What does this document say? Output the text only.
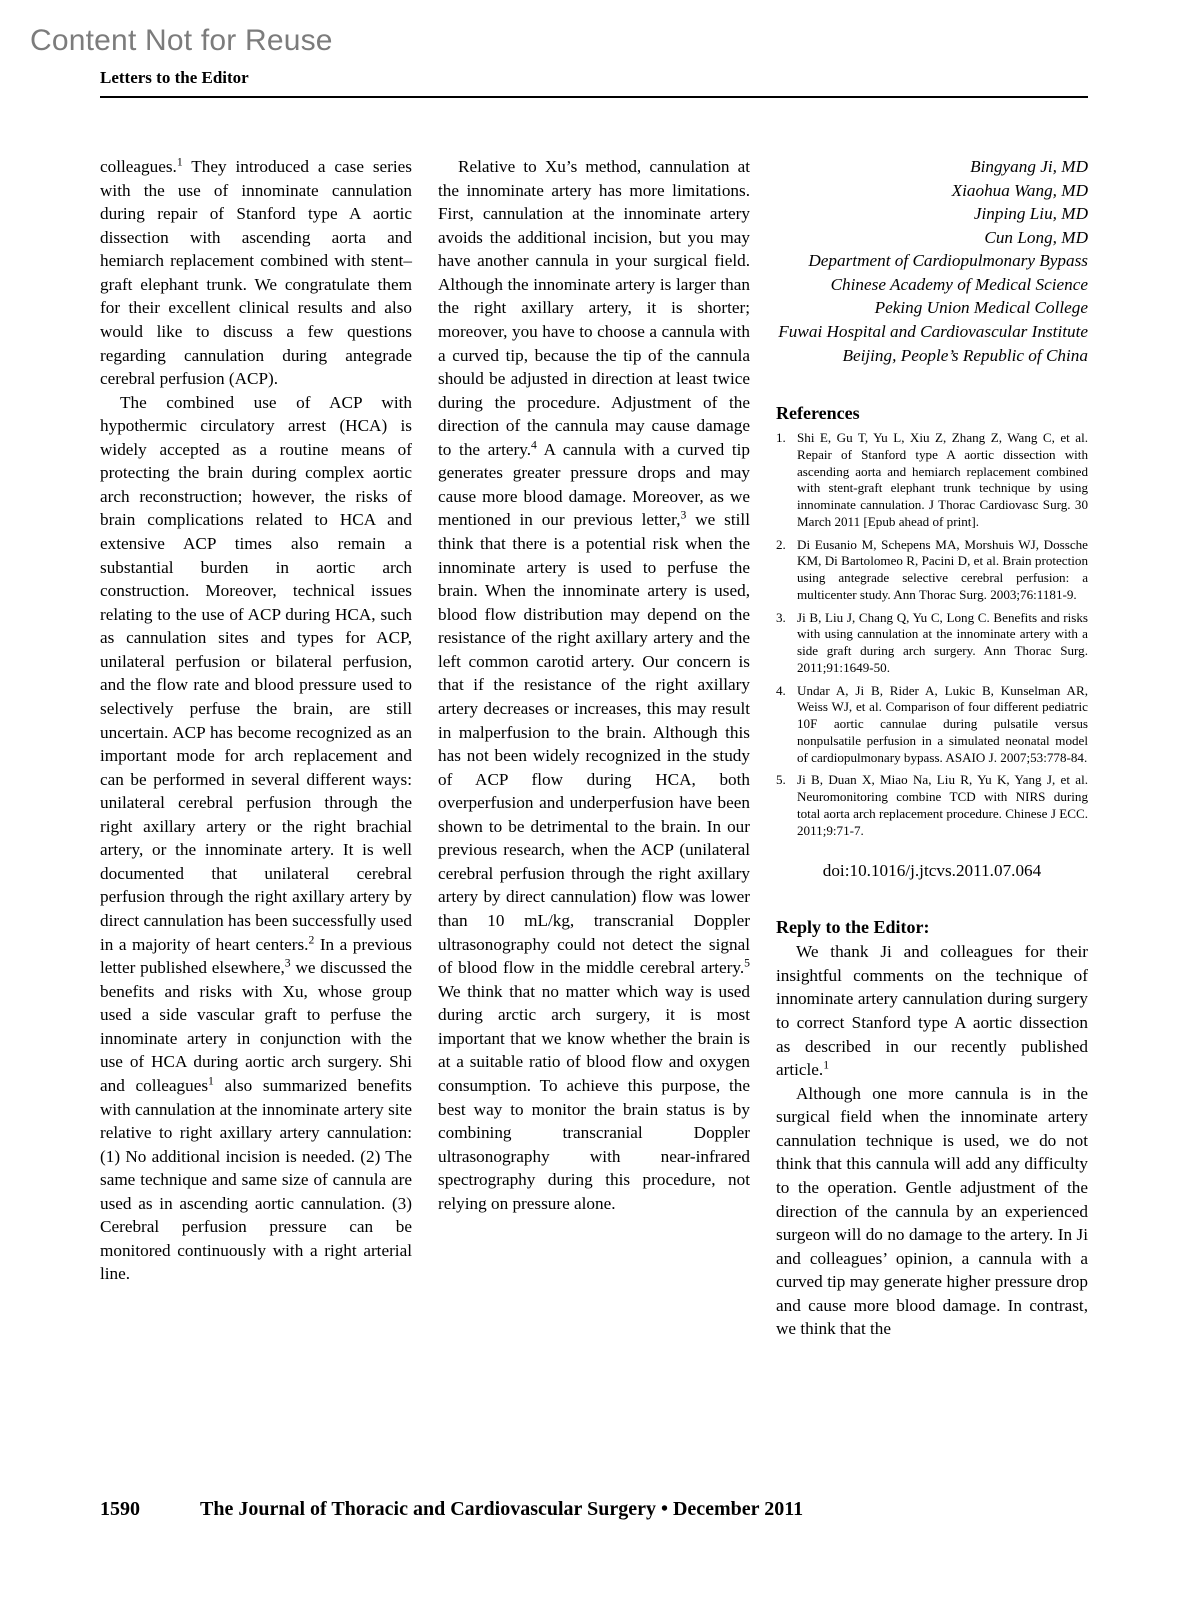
Content Not for Reuse
Letters to the Editor

colleagues.$^1$ They introduced a case series with the use of innominate cannulation during repair of Stanford type A aortic dissection with ascending aorta and hemiarch replacement combined with stent–graft elephant trunk. We congratulate them for their excellent clinical results and also would like to discuss a few questions regarding cannulation during antegrade cerebral perfusion (ACP).

The combined use of ACP with hypothermic circulatory arrest (HCA) is widely accepted as a routine means of protecting the brain during complex aortic arch reconstruction; however, the risks of brain complications related to HCA and extensive ACP times also remain a substantial burden in aortic arch construction. Moreover, technical issues relating to the use of ACP during HCA, such as cannulation sites and types for ACP, unilateral perfusion or bilateral perfusion, and the flow rate and blood pressure used to selectively perfuse the brain, are still uncertain. ACP has become recognized as an important mode for arch replacement and can be performed in several different ways: unilateral cerebral perfusion through the right axillary artery or the right brachial artery, or the innominate artery. It is well documented that unilateral cerebral perfusion through the right axillary artery by direct cannulation has been successfully used in a majority of heart centers.$^2$ In a previous letter published elsewhere,$^3$ we discussed the benefits and risks with Xu, whose group used a side vascular graft to perfuse the innominate artery in conjunction with the use of HCA during aortic arch surgery. Shi and colleagues$^1$ also summarized benefits with cannulation at the innominate artery site relative to right axillary artery cannulation: (1) No additional incision is needed. (2) The same technique and same size of cannula are used as in ascending aortic cannulation. (3) Cerebral perfusion pressure can be monitored continuously with a right arterial line.

Relative to Xu’s method, cannulation at the innominate artery has more limitations. First, cannulation at the innominate artery avoids the additional incision, but you may have another cannula in your surgical field. Although the innominate artery is larger than the right axillary artery, it is shorter; moreover, you have to choose a cannula with a curved tip, because the tip of the cannula should be adjusted in direction at least twice during the procedure. Adjustment of the direction of the cannula may cause damage to the artery.$^4$ A cannula with a curved tip generates greater pressure drops and may cause more blood damage. Moreover, as we mentioned in our previous letter,$^3$ we still think that there is a potential risk when the innominate artery is used to perfuse the brain. When the innominate artery is used, blood flow distribution may depend on the resistance of the right axillary artery and the left common carotid artery. Our concern is that if the resistance of the right axillary artery decreases or increases, this may result in malperfusion to the brain. Although this has not been widely recognized in the study of ACP flow during HCA, both overperfusion and underperfusion have been shown to be detrimental to the brain. In our previous research, when the ACP (unilateral cerebral perfusion through the right axillary artery by direct cannulation) flow was lower than 10 mL/kg, transcranial Doppler ultrasonography could not detect the signal of blood flow in the middle cerebral artery.$^5$ We think that no matter which way is used during arctic arch surgery, it is most important that we know whether the brain is at a suitable ratio of blood flow and oxygen consumption. To achieve this purpose, the best way to monitor the brain status is by combining transcranial Doppler ultrasonography with near-infrared spectrography during this procedure, not relying on pressure alone.

Bingyang Ji, MD
Xiaohua Wang, MD
Jinping Liu, MD
Cun Long, MD
Department of Cardiopulmonary Bypass
Chinese Academy of Medical Science
Peking Union Medical College
Fuwai Hospital and Cardiovascular Institute
Beijing, People’s Republic of China
References
Shi E, Gu T, Yu L, Xiu Z, Zhang Z, Wang C, et al. Repair of Stanford type A aortic dissection with ascending aorta and hemiarch replacement combined with stent-graft elephant trunk technique by using innominate cannulation. J Thorac Cardiovasc Surg. 30 March 2011 [Epub ahead of print].
Di Eusanio M, Schepens MA, Morshuis WJ, Dossche KM, Di Bartolomeo R, Pacini D, et al. Brain protection using antegrade selective cerebral perfusion: a multicenter study. Ann Thorac Surg. 2003;76:1181-9.
Ji B, Liu J, Chang Q, Yu C, Long C. Benefits and risks with using cannulation at the innominate artery with a side graft during arch surgery. Ann Thorac Surg. 2011;91:1649-50.
Undar A, Ji B, Rider A, Lukic B, Kunselman AR, Weiss WJ, et al. Comparison of four different pediatric 10F aortic cannulae during pulsatile versus nonpulsatile perfusion in a simulated neonatal model of cardiopulmonary bypass. ASAIO J. 2007;53:778-84.
Ji B, Duan X, Miao Na, Liu R, Yu K, Yang J, et al. Neuromonitoring combine TCD with NIRS during total aorta arch replacement procedure. Chinese J ECC. 2011;9:71-7.
doi:10.1016/j.jtcvs.2011.07.064
Reply to the Editor:

We thank Ji and colleagues for their insightful comments on the technique of innominate artery cannulation during surgery to correct Stanford type A aortic dissection as described in our recently published article.$^1$

Although one more cannula is in the surgical field when the innominate artery cannulation technique is used, we do not think that this cannula will add any difficulty to the operation. Gentle adjustment of the direction of the cannula by an experienced surgeon will do no damage to the artery. In Ji and colleagues’ opinion, a cannula with a curved tip may generate higher pressure drop and cause more blood damage. In contrast, we think that the

1590	The Journal of Thoracic and Cardiovascular Surgery • December 2011
